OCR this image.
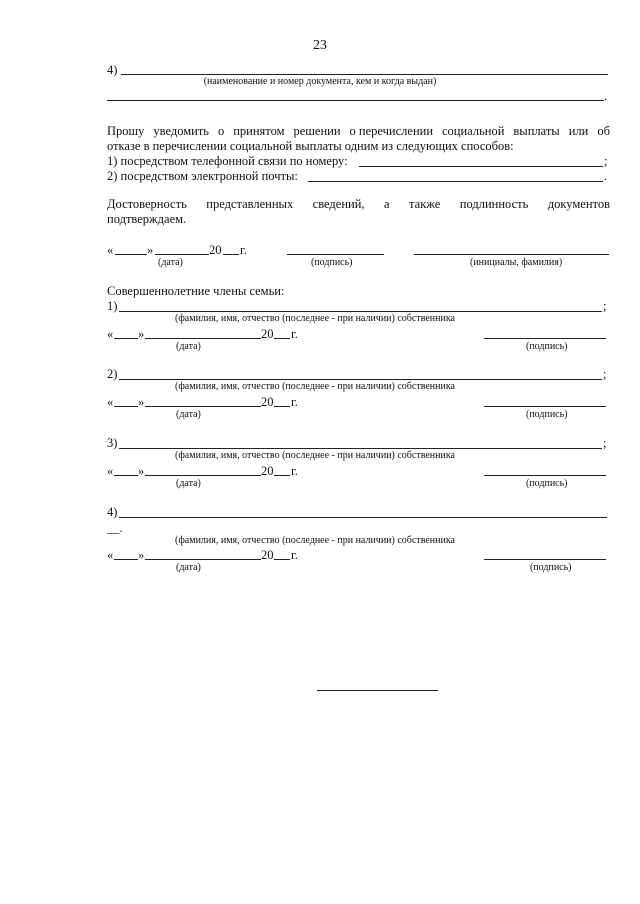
23
4)
(наименование и номер документа, кем и когда выдан)
.
Прошу уведомить о принятом решении о перечислении социальной выплаты или об
отказе в перечислении социальной выплаты одним из следующих способов:
1) посредством телефонной связи по номеру:	;
2) посредством электронной почты:	.
Достоверность представленных сведений, а также подлинность документов
подтверждаем.
«	»	20 г.
(дата)	(подпись)	(инициалы, фамилия)
Совершеннолетние члены семьи:
1)	;
(фамилия, имя, отчество (последнее - при наличии) собственника
« »	20 г.
(дата)	(подпись)
2)	;
(фамилия, имя, отчество (последнее - при наличии) собственника
« »	20 г.
(дата)	(подпись)
3)	;
(фамилия, имя, отчество (последнее - при наличии) собственника
« »	20 г.
(дата)	(подпись)
4)
__.
(фамилия, имя, отчество (последнее - при наличии) собственника
« »	20 г.
(дата)	(подпись)
